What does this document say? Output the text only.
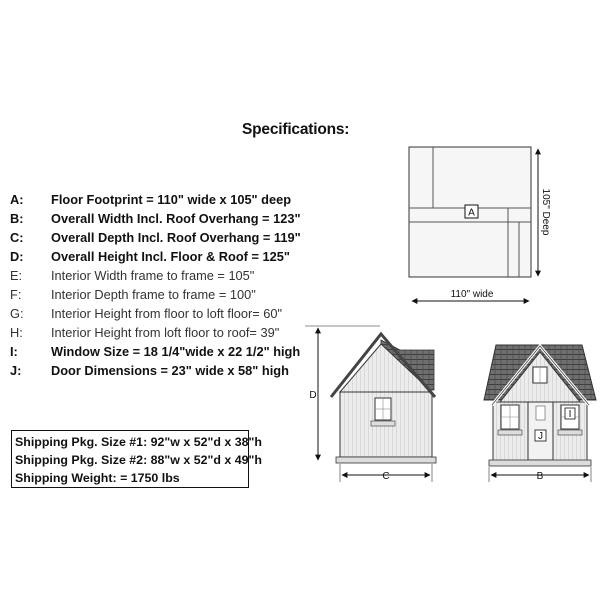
Specifications:
A: Floor Footprint = 110" wide x 105" deep
B: Overall Width Incl. Roof Overhang = 123"
C: Overall Depth Incl. Roof Overhang = 119"
D: Overall Height Incl. Floor & Roof = 125"
E: Interior Width frame to frame = 105"
F: Interior Depth frame to frame = 100"
G: Interior Height from floor to loft floor= 60"
H: Interior Height from loft floor to roof= 39"
I:	Window Size = 18 1/4"wide x 22 1/2" high
J: Door Dimensions = 23" wide x 58" high
Shipping Pkg. Size #1: 92"w x 52"d x 38"h
Shipping Pkg. Size #2: 88"w x 52"d x 49"h
Shipping Weight: = 1750 lbs
A
110" wide
105" Deep
D
C
I
J
B
